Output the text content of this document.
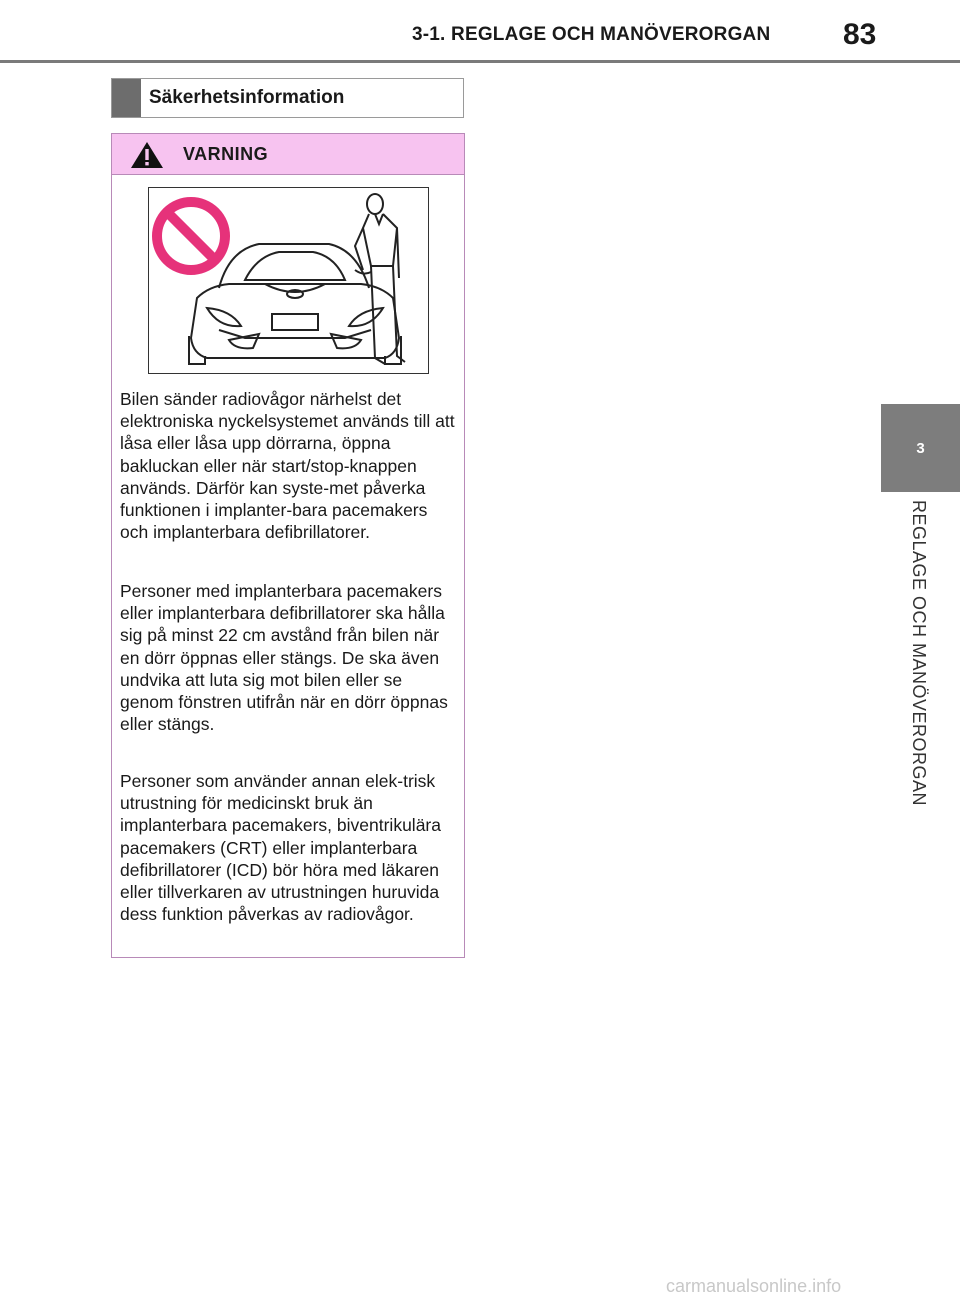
3-1. REGLAGE OCH MANÖVERORGAN 83
3
REGLAGE OCH MANÖVERORGAN
Säkerhetsinformation
VARNING

Bilen sänder radiovågor närhelst det elektroniska nyckelsystemet används till att låsa eller låsa upp dörrarna, öppna bakluckan eller när start/stop-knappen används. Därför kan syste-met påverka funktionen i implanter-bara pacemakers och implanterbara defibrillatorer.

Personer med implanterbara pacemakers eller implanterbara defibrillatorer ska hålla sig på minst 22 cm avstånd från bilen när en dörr öppnas eller stängs. De ska även undvika att luta sig mot bilen eller se genom fönstren utifrån när en dörr öppnas eller stängs.

Personer som använder annan elek-trisk utrustning för medicinskt bruk än implanterbara pacemakers, biventrikulära pacemakers (CRT) eller implanterbara defibrillatorer (ICD) bör höra med läkaren eller tillverkaren av utrustningen huruvida dess funktion påverkas av radiovågor.

carmanualsonline.info
